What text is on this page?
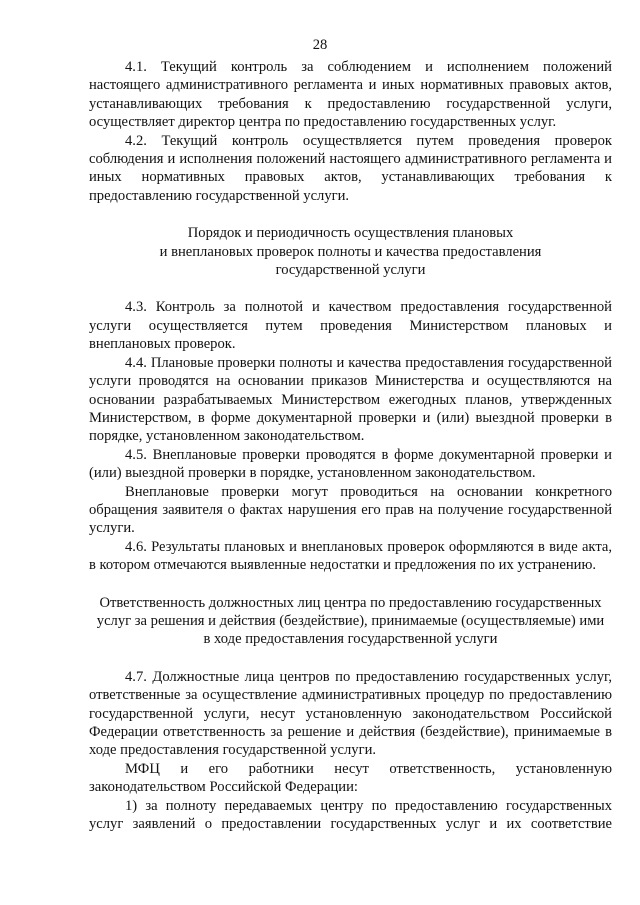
28

4.1. Текущий контроль за соблюдением и исполнением положений настоящего административного регламента и иных нормативных правовых актов, устанавливающих требования к предоставлению государственной услуги, осуществляет директор центра по предоставлению государственных услуг.

4.2. Текущий контроль осуществляется путем проведения проверок соблюдения и исполнения положений настоящего административного регламента и иных нормативных правовых актов, устанавливающих требования к предоставлению государственной услуги.

Порядок и периодичность осуществления плановых
и внеплановых проверок полноты и качества предоставления
государственной услуги

4.3. Контроль за полнотой и качеством предоставления государственной услуги осуществляется путем проведения Министерством плановых и внеплановых проверок.

4.4. Плановые проверки полноты и качества предоставления государственной услуги проводятся на основании приказов Министерства и осуществляются на основании разрабатываемых Министерством ежегодных планов, утвержденных Министерством, в форме документарной проверки и (или) выездной проверки в порядке, установленном законодательством.

4.5. Внеплановые проверки проводятся в форме документарной проверки и (или) выездной проверки в порядке, установленном законодательством.

Внеплановые проверки могут проводиться на основании конкретного обращения заявителя о фактах нарушения его прав на получение государственной услуги.

4.6. Результаты плановых и внеплановых проверок оформляются в виде акта, в котором отмечаются выявленные недостатки и предложения по их устранению.

Ответственность должностных лиц центра по предоставлению государственных
услуг за решения и действия (бездействие), принимаемые (осуществляемые) ими
в ходе предоставления государственной услуги

4.7. Должностные лица центров по предоставлению государственных услуг, ответственные за осуществление административных процедур по предоставлению государственной услуги, несут установленную законодательством Российской Федерации ответственность за решение и действия (бездействие), принимаемые в ходе предоставления государственной услуги.

МФЦ и его работники несут ответственность, установленную законодательством Российской Федерации:

1) за полноту передаваемых центру по предоставлению государственных услуг заявлений о предоставлении государственных услуг и их соответствие
